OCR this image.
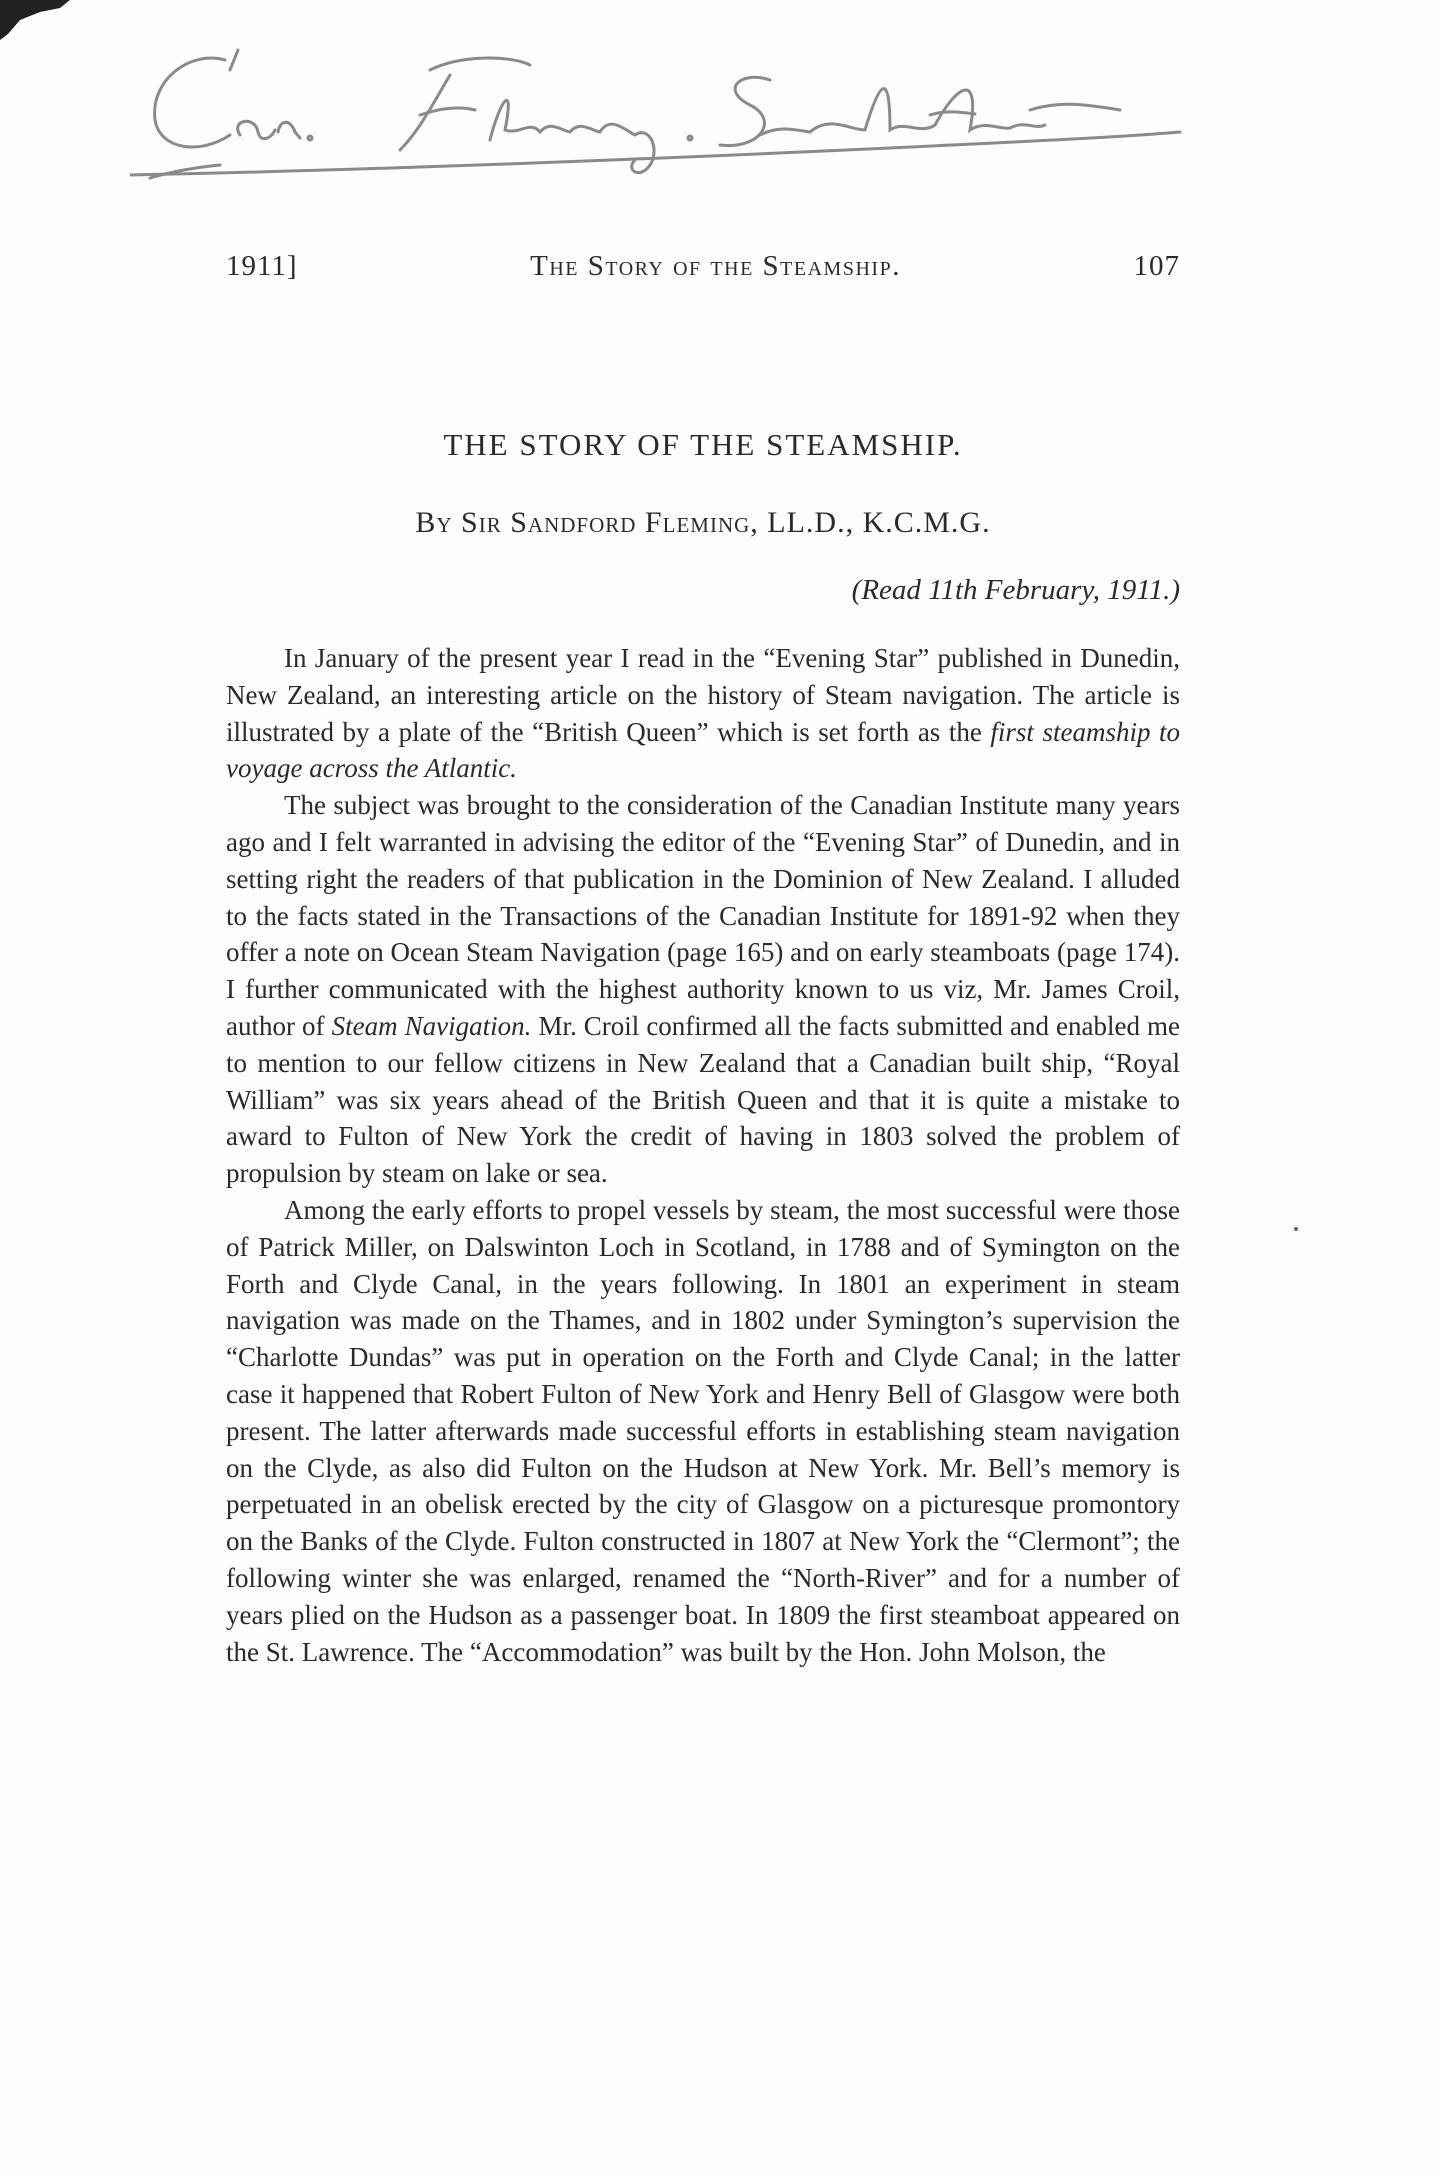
1911]	The Story of the Steamship.	107
THE STORY OF THE STEAMSHIP.
By Sir Sandford Fleming, LL.D., K.C.M.G.
(Read 11th February, 1911.)

In January of the present year I read in the “Evening Star” published in Dunedin, New Zealand, an interesting article on the history of Steam navigation. The article is illustrated by a plate of the “British Queen” which is set forth as the first steamship to voyage across the Atlantic.

The subject was brought to the consideration of the Canadian Institute many years ago and I felt warranted in advising the editor of the “Evening Star” of Dunedin, and in setting right the readers of that publication in the Dominion of New Zealand. I alluded to the facts stated in the Transactions of the Canadian Institute for 1891-92 when they offer a note on Ocean Steam Navigation (page 165) and on early steamboats (page 174). I further communicated with the highest authority known to us viz, Mr. James Croil, author of Steam Navigation. Mr. Croil confirmed all the facts submitted and enabled me to mention to our fellow citizens in New Zealand that a Canadian built ship, “Royal William” was six years ahead of the British Queen and that it is quite a mistake to award to Fulton of New York the credit of having in 1803 solved the problem of propulsion by steam on lake or sea.

Among the early efforts to propel vessels by steam, the most successful were those of Patrick Miller, on Dalswinton Loch in Scotland, in 1788 and of Symington on the Forth and Clyde Canal, in the years following. In 1801 an experiment in steam navigation was made on the Thames, and in 1802 under Symington’s supervision the “Charlotte Dundas” was put in operation on the Forth and Clyde Canal; in the latter case it happened that Robert Fulton of New York and Henry Bell of Glasgow were both present. The latter afterwards made successful efforts in establishing steam navigation on the Clyde, as also did Fulton on the Hudson at New York. Mr. Bell’s memory is perpetuated in an obelisk erected by the city of Glasgow on a picturesque promontory on the Banks of the Clyde. Fulton constructed in 1807 at New York the “Clermont”; the following winter she was enlarged, renamed the “North-River” and for a number of years plied on the Hudson as a passenger boat. In 1809 the first steamboat appeared on the St. Lawrence. The “Accommodation” was built by the Hon. John Molson, the
